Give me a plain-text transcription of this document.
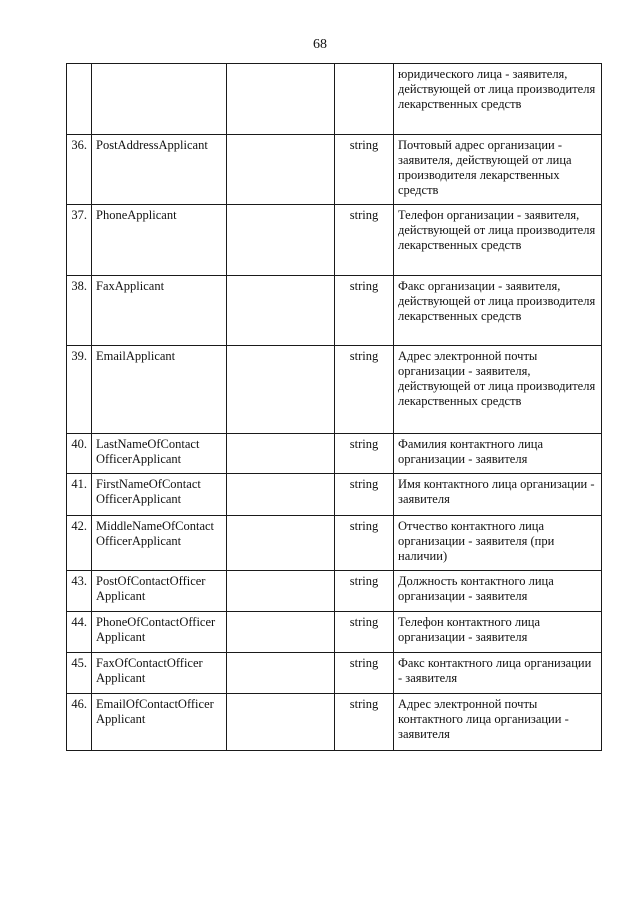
68
				юридического лица - заявителя, действующей от лица производителя лекарственных средств
36.	PostAddressApplicant		string	Почтовый адрес организации - заявителя, действующей от лица производителя лекарственных средств
37.	PhoneApplicant		string	Телефон организации - заявителя, действующей от лица производителя лекарственных средств
38.	FaxApplicant		string	Факс организации - заявителя, действующей от лица производителя лекарственных средств
39.	EmailApplicant		string	Адрес электронной почты организации - заявителя, действующей от лица производителя лекарственных средств
40.	LastNameOfContact OfficerApplicant		string	Фамилия контактного лица организации - заявителя
41.	FirstNameOfContact OfficerApplicant		string	Имя контактного лица организации - заявителя
42.	MiddleNameOfContact OfficerApplicant		string	Отчество контактного лица организации - заявителя (при наличии)
43.	PostOfContactOfficer Applicant		string	Должность контактного лица организации - заявителя
44.	PhoneOfContactOfficer Applicant		string	Телефон контактного лица организации - заявителя
45.	FaxOfContactOfficer Applicant		string	Факс контактного лица организации - заявителя
46.	EmailOfContactOfficer Applicant		string	Адрес электронной почты контактного лица организации - заявителя
